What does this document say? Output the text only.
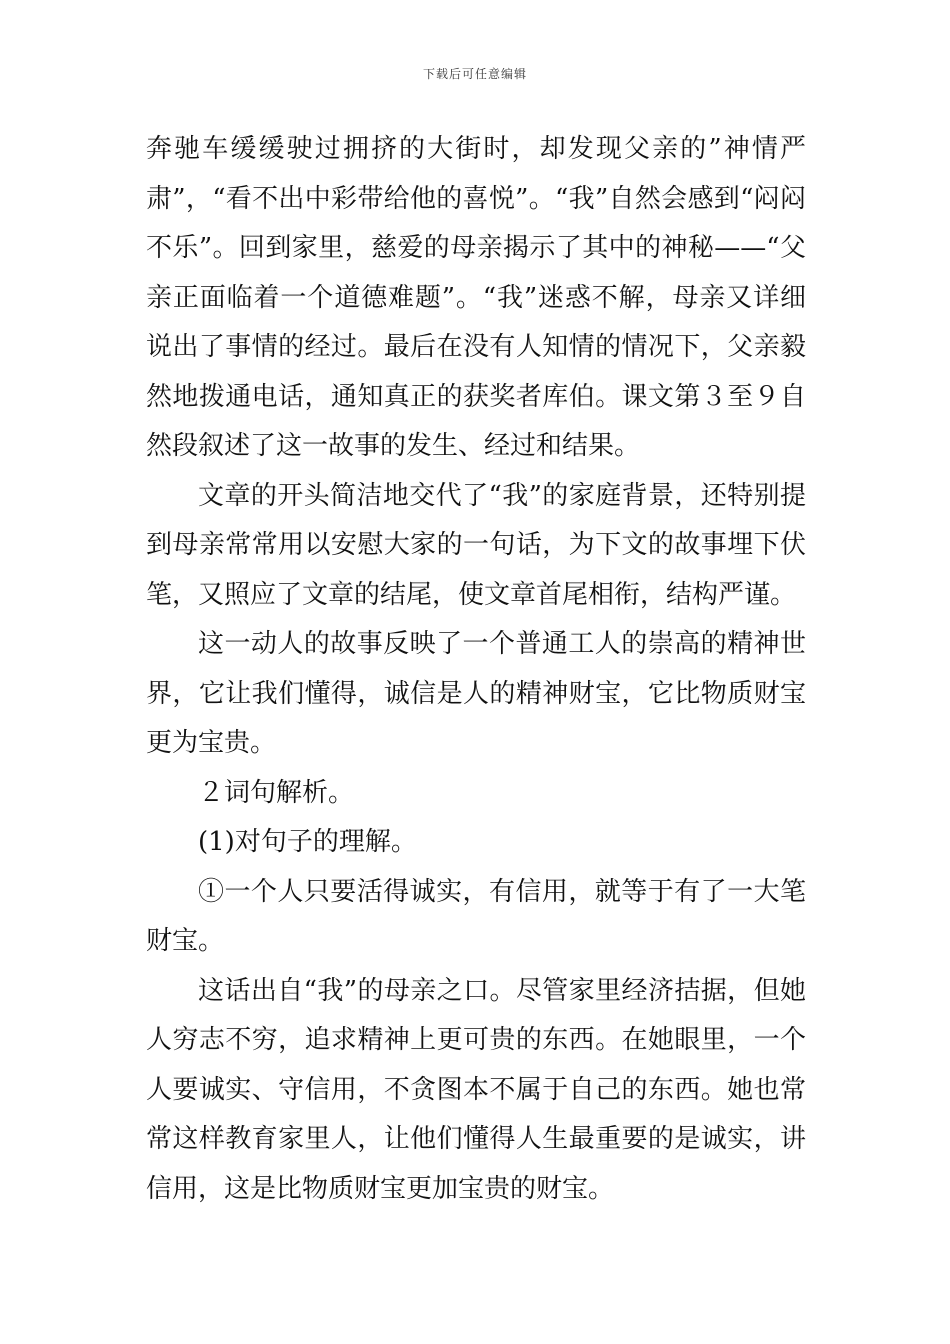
下载后可任意编辑

奔驰车缓缓驶过拥挤的大街时，却发现父亲的”神情严肃”，“看不出中彩带给他的喜悦”。“我”自然会感到“闷闷不乐”。回到家里，慈爱的母亲揭示了其中的神秘——“父亲正面临着一个道德难题”。“我”迷惑不解，母亲又详细说出了事情的经过。最后在没有人知情的情况下，父亲毅然地拨通电话，通知真正的获奖者库伯。课文第３至９自然段叙述了这一故事的发生、经过和结果。

文章的开头简洁地交代了“我”的家庭背景，还特别提到母亲常常用以安慰大家的一句话，为下文的故事埋下伏笔，又照应了文章的结尾，使文章首尾相衔，结构严谨。

这一动人的故事反映了一个普通工人的崇高的精神世界，它让我们懂得，诚信是人的精神财宝，它比物质财宝更为宝贵。

２词句解析。

(1)对句子的理解。

①一个人只要活得诚实，有信用，就等于有了一大笔财宝。

这话出自“我”的母亲之口。尽管家里经济拮据，但她人穷志不穷，追求精神上更可贵的东西。在她眼里，一个人要诚实、守信用，不贪图本不属于自己的东西。她也常常这样教育家里人，让他们懂得人生最重要的是诚实，讲信用，这是比物质财宝更加宝贵的财宝。
